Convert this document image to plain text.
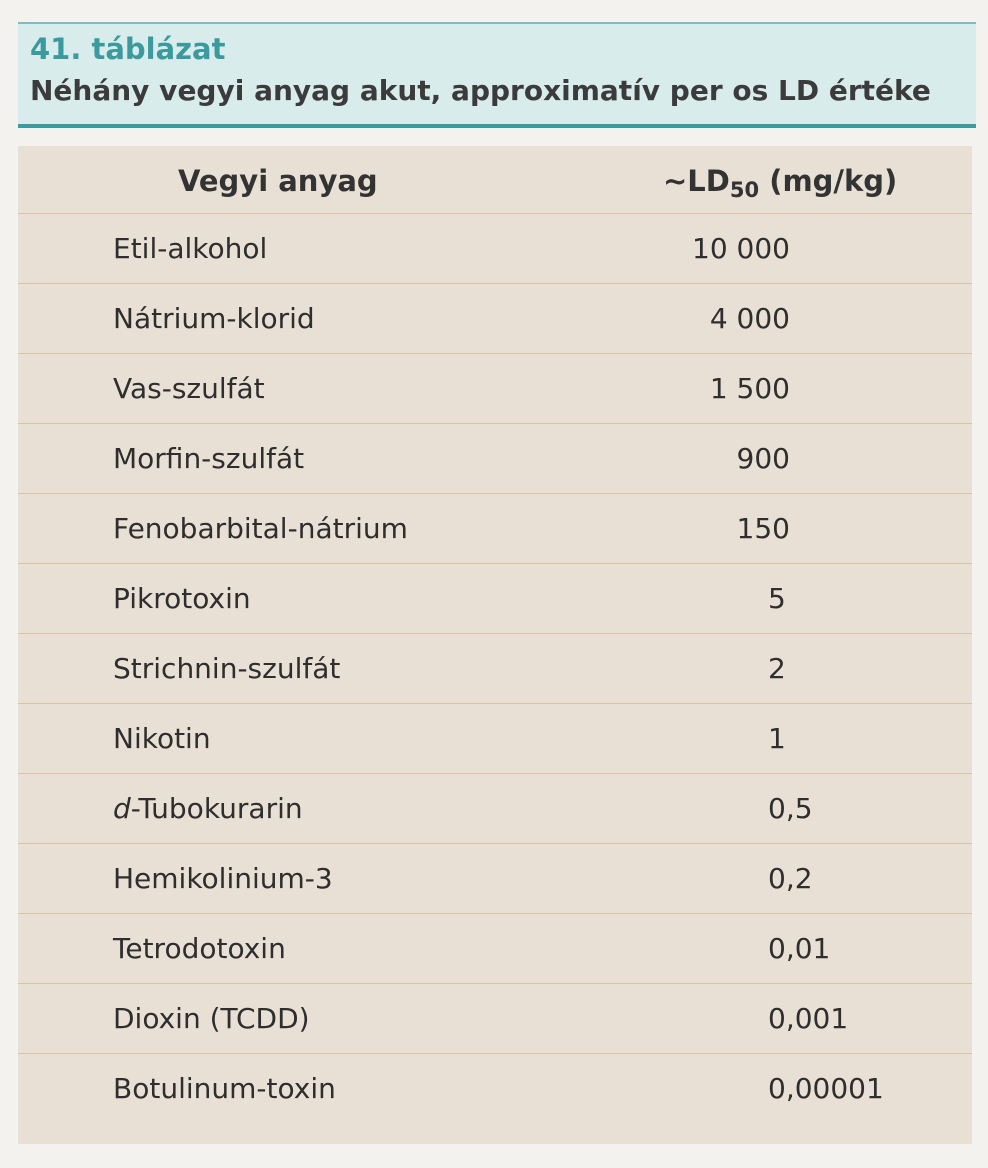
41. táblázat
Néhány vegyi anyag akut, approximatív per os LD értéke
Vegyi anyag	$\sim LD_{50}$ (mg/kg)
Etil-alkohol	10 000
Nátrium-klorid	4 000
Vas-szulfát	1 500
Morfin-szulfát	900
Fenobarbital-nátrium	150
Pikrotoxin	5
Strichnin-szulfát	2
Nikotin	1
d-Tubokurarin	0,5
Hemikolinium-3	0,2
Tetrodotoxin	0,01
Dioxin (TCDD)	0,001
Botulinum-toxin	0,00001
